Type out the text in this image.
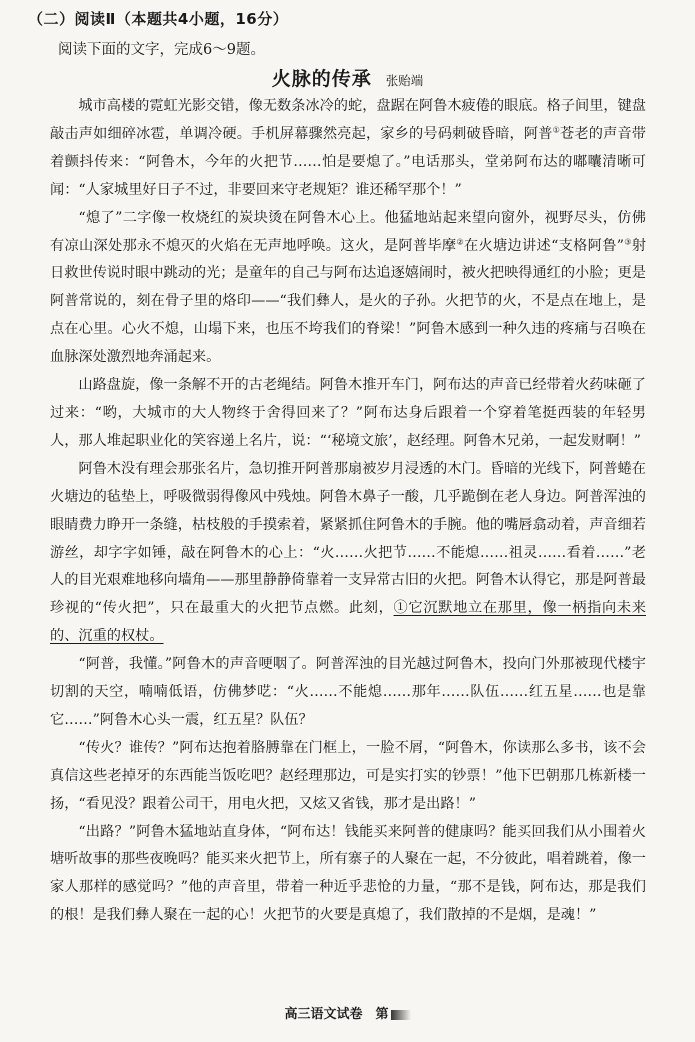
（二）阅读Ⅱ（本题共4小题，16分）
阅读下面的文字，完成6～9题。
火脉的传承 张贻端

城市高楼的霓虹光影交错，像无数条冰冷的蛇，盘踞在阿鲁木疲倦的眼底。格子间里，键盘敲击声如细碎冰雹，单调冷硬。手机屏幕骤然亮起，家乡的号码刺破昏暗，阿普①苍老的声音带着颤抖传来：“阿鲁木，今年的火把节……怕是要熄了。”电话那头，堂弟阿布达的嘟囔清晰可闻：“人家城里好日子不过，非要回来守老规矩？谁还稀罕那个！”

“熄了”二字像一枚烧红的炭块烫在阿鲁木心上。他猛地站起来望向窗外，视野尽头，仿佛有凉山深处那永不熄灭的火焰在无声地呼唤。这火，是阿普毕摩②在火塘边讲述“支格阿鲁”③射日救世传说时眼中跳动的光；是童年的自己与阿布达追逐嬉闹时，被火把映得通红的小脸；更是阿普常说的，刻在骨子里的烙印——“我们彝人，是火的子孙。火把节的火，不是点在地上，是点在心里。心火不熄，山塌下来，也压不垮我们的脊梁！”阿鲁木感到一种久违的疼痛与召唤在血脉深处激烈地奔涌起来。

山路盘旋，像一条解不开的古老绳结。阿鲁木推开车门，阿布达的声音已经带着火药味砸了过来：“哟，大城市的大人物终于舍得回来了？”阿布达身后跟着一个穿着笔挺西装的年轻男人，那人堆起职业化的笑容递上名片，说：“‘秘境文旅’，赵经理。阿鲁木兄弟，一起发财啊！”

阿鲁木没有理会那张名片，急切推开阿普那扇被岁月浸透的木门。昏暗的光线下，阿普蜷在火塘边的毡垫上，呼吸微弱得像风中残烛。阿鲁木鼻子一酸，几乎跪倒在老人身边。阿普浑浊的眼睛费力睁开一条缝，枯枝般的手摸索着，紧紧抓住阿鲁木的手腕。他的嘴唇翕动着，声音细若游丝，却字字如锤，敲在阿鲁木的心上：“火……火把节……不能熄……祖灵……看着……”老人的目光艰难地移向墙角——那里静静倚靠着一支异常古旧的火把。阿鲁木认得它，那是阿普最珍视的“传火把”，只在最重大的火把节点燃。此刻，①它沉默地立在那里，像一柄指向未来的、沉重的权杖。

“阿普，我懂。”阿鲁木的声音哽咽了。阿普浑浊的目光越过阿鲁木，投向门外那被现代楼宇切割的天空，喃喃低语，仿佛梦呓：“火……不能熄……那年……队伍……红五星……也是靠它……”阿鲁木心头一震，红五星？队伍？

“传火？谁传？”阿布达抱着胳膊靠在门框上，一脸不屑，“阿鲁木，你读那么多书，该不会真信这些老掉牙的东西能当饭吃吧？赵经理那边，可是实打实的钞票！”他下巴朝那几栋新楼一扬，“看见没？跟着公司干，用电火把，又炫又省钱，那才是出路！”

“出路？”阿鲁木猛地站直身体，“阿布达！钱能买来阿普的健康吗？能买回我们从小围着火塘听故事的那些夜晚吗？能买来火把节上，所有寨子的人聚在一起，不分彼此，唱着跳着，像一家人那样的感觉吗？”他的声音里，带着一种近乎悲怆的力量，“那不是钱，阿布达，那是我们的根！是我们彝人聚在一起的心！火把节的火要是真熄了，我们散掉的不是烟，是魂！”

高三语文试卷　第
